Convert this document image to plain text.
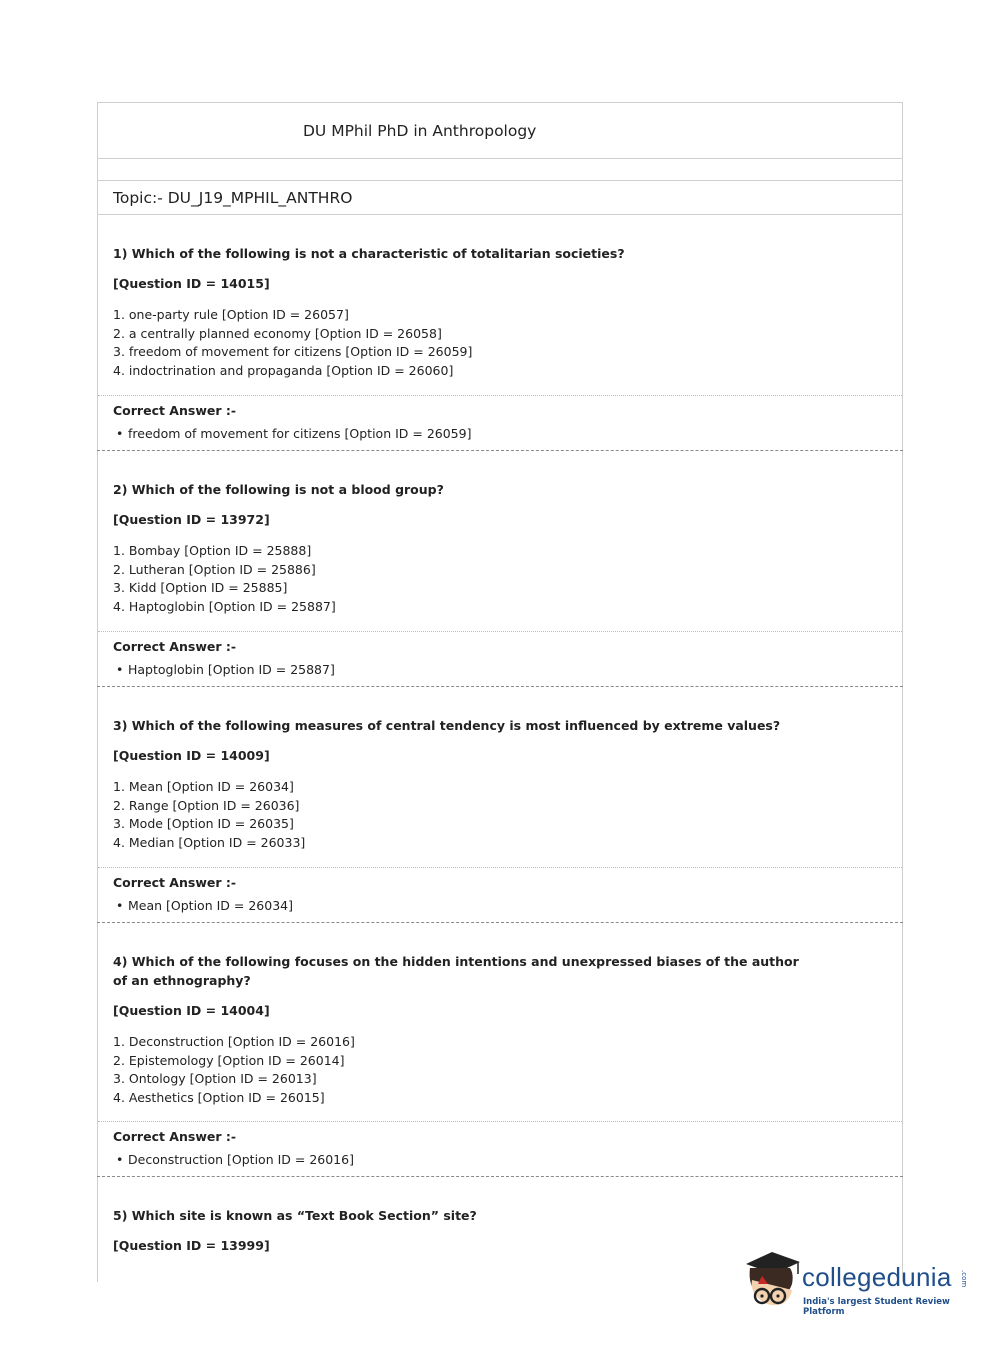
DU MPhil PhD in Anthropology
Topic:- DU_J19_MPHIL_ANTHRO

1) Which of the following is not a characteristic of totalitarian societies?

[Question ID = 14015]

1. one-party rule [Option ID = 26057]
2. a centrally planned economy [Option ID = 26058]
3. freedom of movement for citizens [Option ID = 26059]
4. indoctrination and propaganda [Option ID = 26060]

Correct Answer :-

• freedom of movement for citizens [Option ID = 26059]

2) Which of the following is not a blood group?

[Question ID = 13972]

1. Bombay [Option ID = 25888]
2. Lutheran [Option ID = 25886]
3. Kidd [Option ID = 25885]
4. Haptoglobin [Option ID = 25887]

Correct Answer :-

• Haptoglobin [Option ID = 25887]

3) Which of the following measures of central tendency is most influenced by extreme values?

[Question ID = 14009]

1. Mean [Option ID = 26034]
2. Range [Option ID = 26036]
3. Mode [Option ID = 26035]
4. Median [Option ID = 26033]

Correct Answer :-

• Mean [Option ID = 26034]

4) Which of the following focuses on the hidden intentions and unexpressed biases of the author of an ethnography?

[Question ID = 14004]

1. Deconstruction [Option ID = 26016]
2. Epistemology [Option ID = 26014]
3. Ontology [Option ID = 26013]
4. Aesthetics [Option ID = 26015]

Correct Answer :-

• Deconstruction [Option ID = 26016]

5) Which site is known as “Text Book Section” site?

[Question ID = 13999]

collegedunia .com
India's largest Student Review Platform
